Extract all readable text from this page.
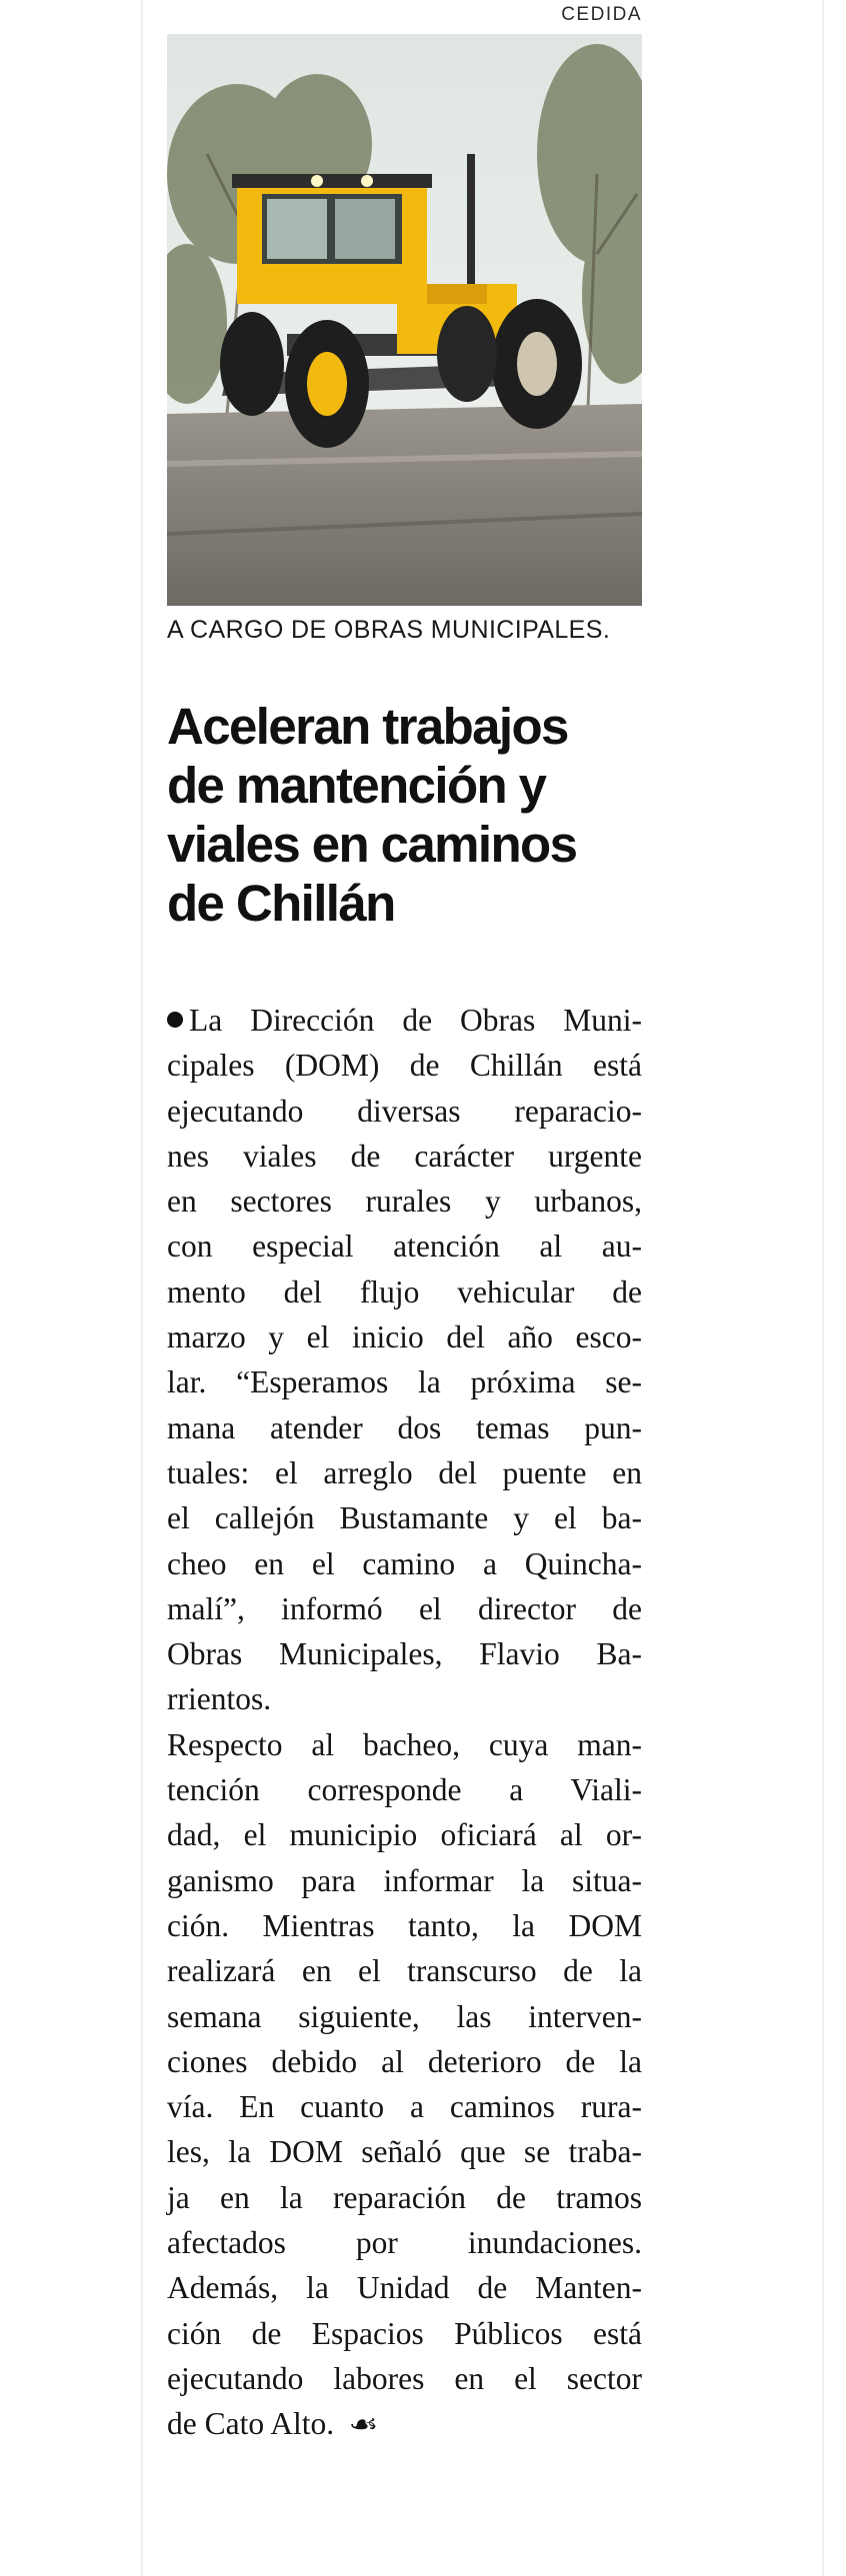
CEDIDA
A CARGO DE OBRAS MUNICIPALES.
Aceleran trabajos
de mantención y
viales en caminos
de Chillán
La Dirección de Obras Muni-
cipales (DOM) de Chillán está
ejecutando diversas reparacio-
nes viales de carácter urgente
en sectores rurales y urbanos,
con especial atención al au-
mento del flujo vehicular de
marzo y el inicio del año esco-
lar. “Esperamos la próxima se-
mana atender dos temas pun-
tuales: el arreglo del puente en
el callejón Bustamante y el ba-
cheo en el camino a Quincha-
malí”, informó el director de
Obras Municipales, Flavio Ba-
rrientos.
Respecto al bacheo, cuya man-
tención corresponde a Viali-
dad, el municipio oficiará al or-
ganismo para informar la situa-
ción. Mientras tanto, la DOM
realizará en el transcurso de la
semana siguiente, las interven-
ciones debido al deterioro de la
vía. En cuanto a caminos rura-
les, la DOM señaló que se traba-
ja en la reparación de tramos
afectados por inundaciones.
Además, la Unidad de Manten-
ción de Espacios Públicos está
ejecutando labores en el sector
de Cato Alto. ☙
